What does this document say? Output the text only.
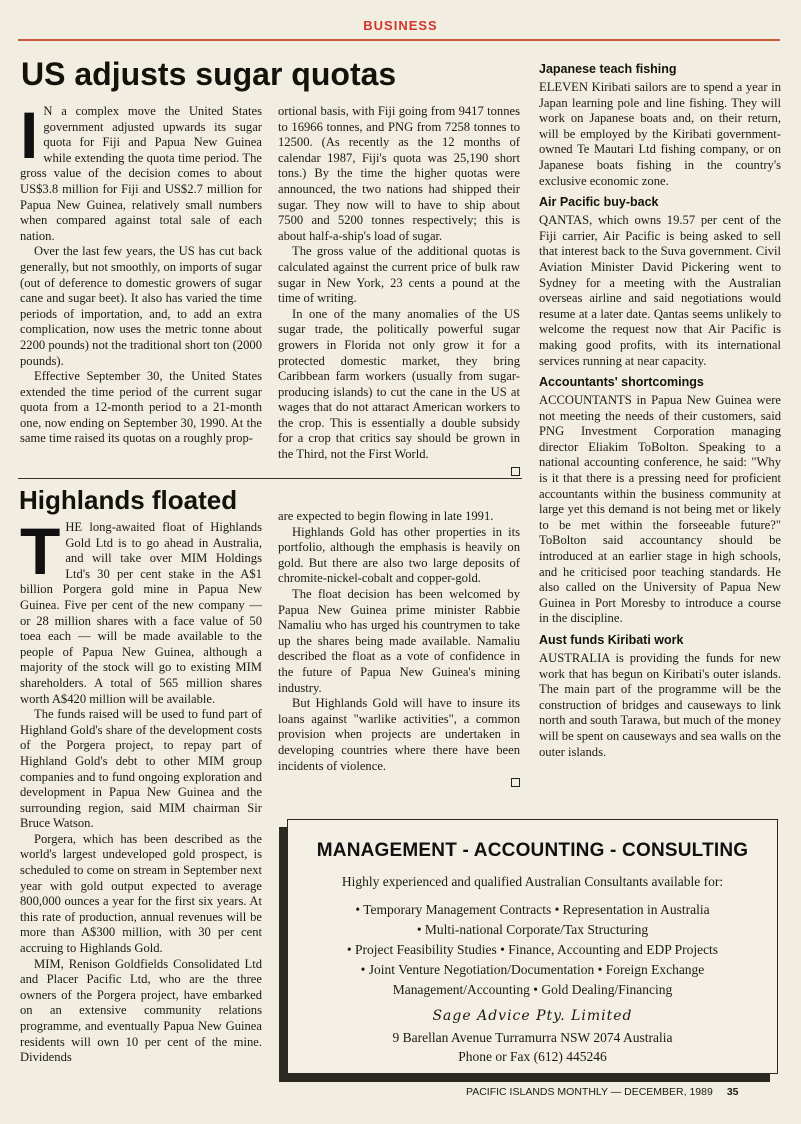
BUSINESS
US adjusts sugar quotas
I N a complex move the United States government adjusted upwards its sugar quota for Fiji and Papua New Guinea while extending the quota time period. The gross value of the decision comes to about US$3.8 million for Fiji and US$2.7 million for Papua New Guinea, relatively small numbers when compared against total sale of each nation.

Over the last few years, the US has cut back generally, but not smoothly, on imports of sugar (out of deference to domestic growers of sugar cane and sugar beet). It also has varied the time periods of importation, and, to add an extra complication, now uses the metric tonne about 2200 pounds) not the traditional short ton (2000 pounds).

Effective September 30, the United States extended the time period of the current sugar quota from a 12-month period to a 21-month one, now ending on September 30, 1990. At the same time raised its quotas on a roughly prop-

ortional basis, with Fiji going from 9417 tonnes to 16966 tonnes, and PNG from 7258 tonnes to 12500. (As recently as the 12 months of calendar 1987, Fiji's quota was 25,190 short tons.) By the time the higher quotas were announced, the two nations had shipped their sugar. They now will to have to ship about 7500 and 5200 tonnes respectively; this is about half-a-ship's load of sugar.

The gross value of the additional quotas is calculated against the current price of bulk raw sugar in New York, 23 cents a pound at the time of writing.

In one of the many anomalies of the US sugar trade, the politically powerful sugar growers in Florida not only grow it for a protected domestic market, they bring Caribbean farm workers (usually from sugar-producing islands) to cut the cane in the US at wages that do not attaract American workers to the crop. This is essentially a double subsidy for a crop that critics say should be grown in the Third, not the First World.

Highlands floated
T HE long-awaited float of Highlands Gold Ltd is to go ahead in Australia, and will take over MIM Holdings Ltd's 30 per cent stake in the A$1 billion Porgera gold mine in Papua New Guinea. Five per cent of the new company — or 28 million shares with a face value of 50 toea each — will be made available to the people of Papua New Guinea, although a majority of the stock will go to existing MIM shareholders. A total of 565 million shares worth A$420 million will be available.

The funds raised will be used to fund part of Highland Gold's share of the development costs of the Porgera project, to repay part of Highland Gold's debt to other MIM group companies and to fund ongoing exploration and development in Papua New Guinea and the surrounding region, said MIM chairman Sir Bruce Watson.

Porgera, which has been described as the world's largest undeveloped gold prospect, is scheduled to come on stream in September next year with gold output expected to average 800,000 ounces a year for the first six years. At this rate of production, annual revenues will be more than A$300 million, with 30 per cent accruing to Highlands Gold.

MIM, Renison Goldfields Consolidated Ltd and Placer Pacific Ltd, who are the three owners of the Porgera project, have embarked on an extensive community relations programme, and eventually Papua New Guinea residents will own 10 per cent of the mine. Dividends

are expected to begin flowing in late 1991.

Highlands Gold has other properties in its portfolio, although the emphasis is heavily on gold. But there are also two large deposits of chromite-nickel-cobalt and copper-gold.

The float decision has been welcomed by Papua New Guinea prime minister Rabbie Namaliu who has urged his countrymen to take up the shares being made available. Namaliu described the float as a vote of confidence in the future of Papua New Guinea's mining industry.

But Highlands Gold will have to insure its loans against "warlike activities", a common provision when projects are undertaken in developing countries where there have been incidents of violence.

Japanese teach fishing

ELEVEN Kiribati sailors are to spend a year in Japan learning pole and line fishing. They will work on Japanese boats and, on their return, will be employed by the Kiribati government-owned Te Mautari Ltd fishing company, or on Japanese boats fishing in the country's exclusive economic zone.

Air Pacific buy-back

QANTAS, which owns 19.57 per cent of the Fiji carrier, Air Pacific is being asked to sell that interest back to the Suva government. Civil Aviation Minister David Pickering went to Sydney for a meeting with the Australian overseas airline and said negotiations would resume at a later date. Qantas seems unlikely to welcome the request now that Air Pacific is making good profits, with its international services running at near capacity.

Accountants' shortcomings

ACCOUNTANTS in Papua New Guinea were not meeting the needs of their customers, said PNG Investment Corporation managing director Eliakim ToBolton. Speaking to a national accounting conference, he said: "Why is it that there is a pressing need for proficient accountants within the business community at large yet this demand is not being met or likely to be met within the forseeable future?" ToBolton said accountancy should be introduced at an earlier stage in high schools, and he criticised poor teaching standards. He also called on the University of Papua New Guinea in Port Moresby to introduce a course in the discipline.

Aust funds Kiribati work

AUSTRALIA is providing the funds for new work that has begun on Kiribati's outer islands. The main part of the programme will be the construction of bridges and causeways to link north and south Tarawa, but much of the money will be spent on causeways and sea walls on the outer islands.

MANAGEMENT - ACCOUNTING - CONSULTING
Highly experienced and qualified Australian Consultants available for:
• Temporary Management Contracts • Representation in Australia
• Multi-national Corporate/Tax Structuring
• Project Feasibility Studies • Finance, Accounting and EDP Projects
• Joint Venture Negotiation/Documentation • Foreign Exchange
Management/Accounting • Gold Dealing/Financing
Sage Advice Pty. Limited
9 Barellan Avenue Turramurra NSW 2074 Australia
Phone or Fax (612) 445246
PACIFIC ISLANDS MONTHLY — DECEMBER, 1989 35
